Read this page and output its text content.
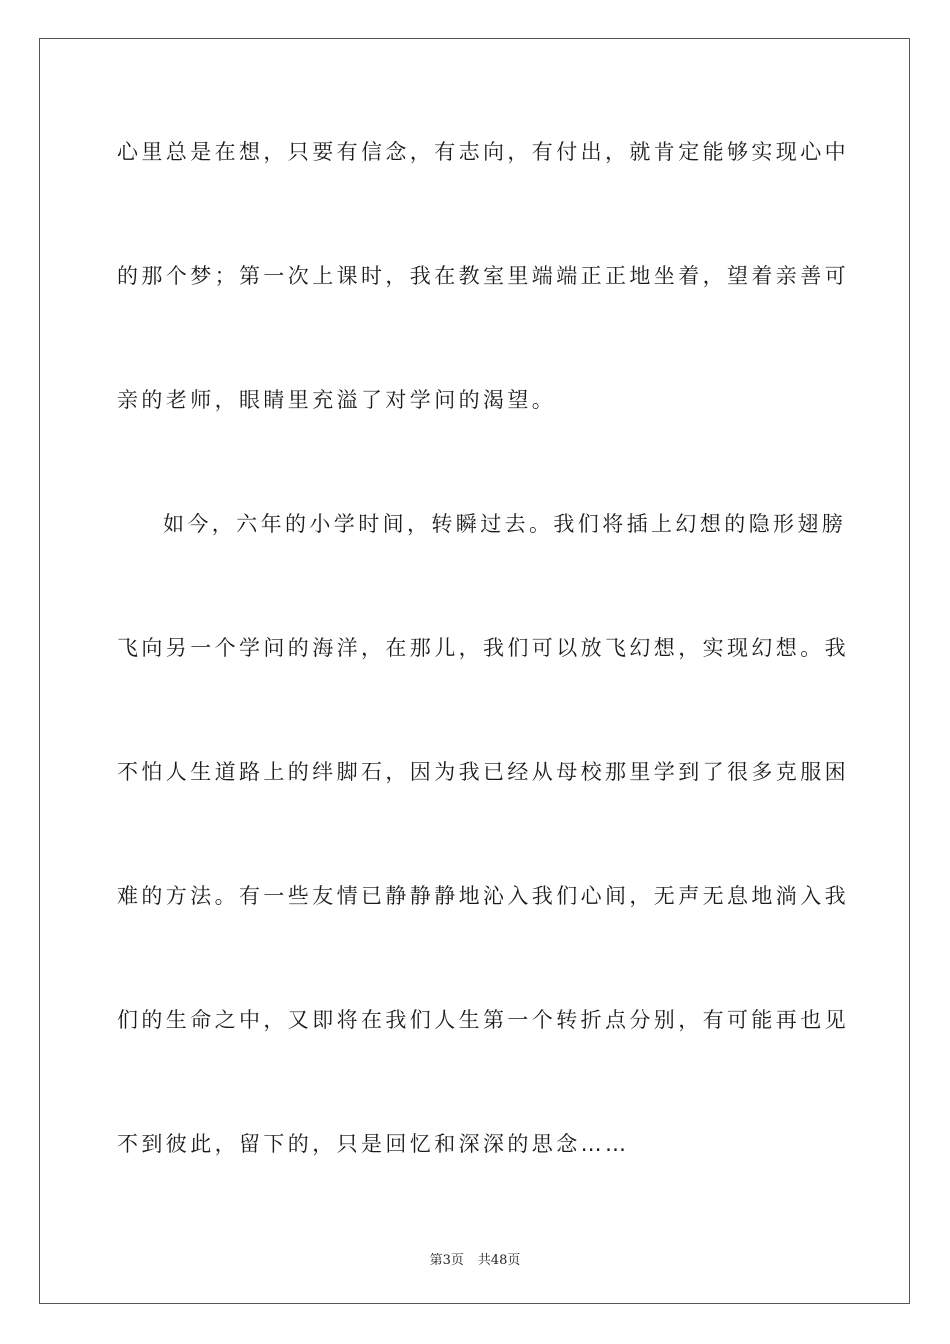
心里总是在想，只要有信念，有志向，有付出，就肯定能够实现心中
的那个梦；第一次上课时，我在教室里端端正正地坐着，望着亲善可
亲的老师，眼睛里充溢了对学问的渴望。
如今，六年的小学时间，转瞬过去。我们将插上幻想的隐形翅膀
飞向另一个学问的海洋，在那儿，我们可以放飞幻想，实现幻想。我
不怕人生道路上的绊脚石，因为我已经从母校那里学到了很多克服困
难的方法。有一些友情已静静静地沁入我们心间，无声无息地淌入我
们的生命之中，又即将在我们人生第一个转折点分别，有可能再也见
不到彼此，留下的，只是回忆和深深的思念……
第3页 共48页
